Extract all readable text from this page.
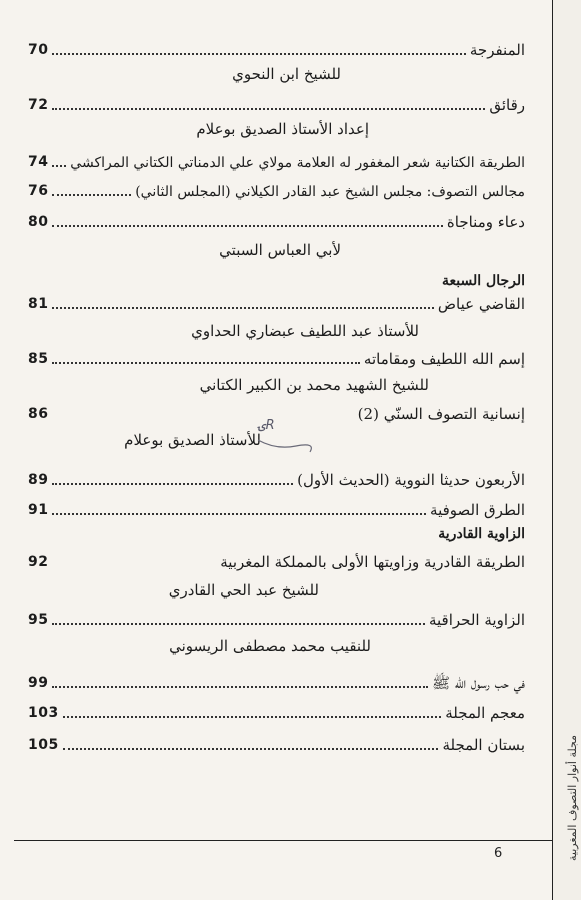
المنفرجة
70
للشيخ ابن النحوي
رقائق
72
إعداد الأستاذ الصديق بوعلام
الطريقة الكتانية شعر المغفور له العلامة مولاي علي الدمناتي الكتاني المراكشي
74
مجالس التصوف: مجلس الشيخ عبد القادر الكيلاني (المجلس الثاني)
76
دعاء ومناجاة
80
لأبي العباس السبتي
الرجال السبعة
القاضي عياض
81
للأستاذ عبد اللطيف عبضاري الحداوي
إسم الله اللطيف ومقاماته
85
للشيخ الشهيد محمد بن الكبير الكتاني
إنسانية التصوف السنّي (2)
86
للأستاذ الصديق بوعلام
ۍR
الأربعون حديثا النووية (الحديث الأول)
89
الطرق الصوفية
91
الزاوية القادرية
الطريقة القادرية وزاويتها الأولى بالمملكة المغربية
92
للشيخ عبد الحي القادري
الزاوية الحراقية
95
للنقيب محمد مصطفى الريسوني
في حب رسول الله ﷺ
99
معجم المجلة
103
بستان المجلة
105	مجلة أنوار التصوف المغربية
6
